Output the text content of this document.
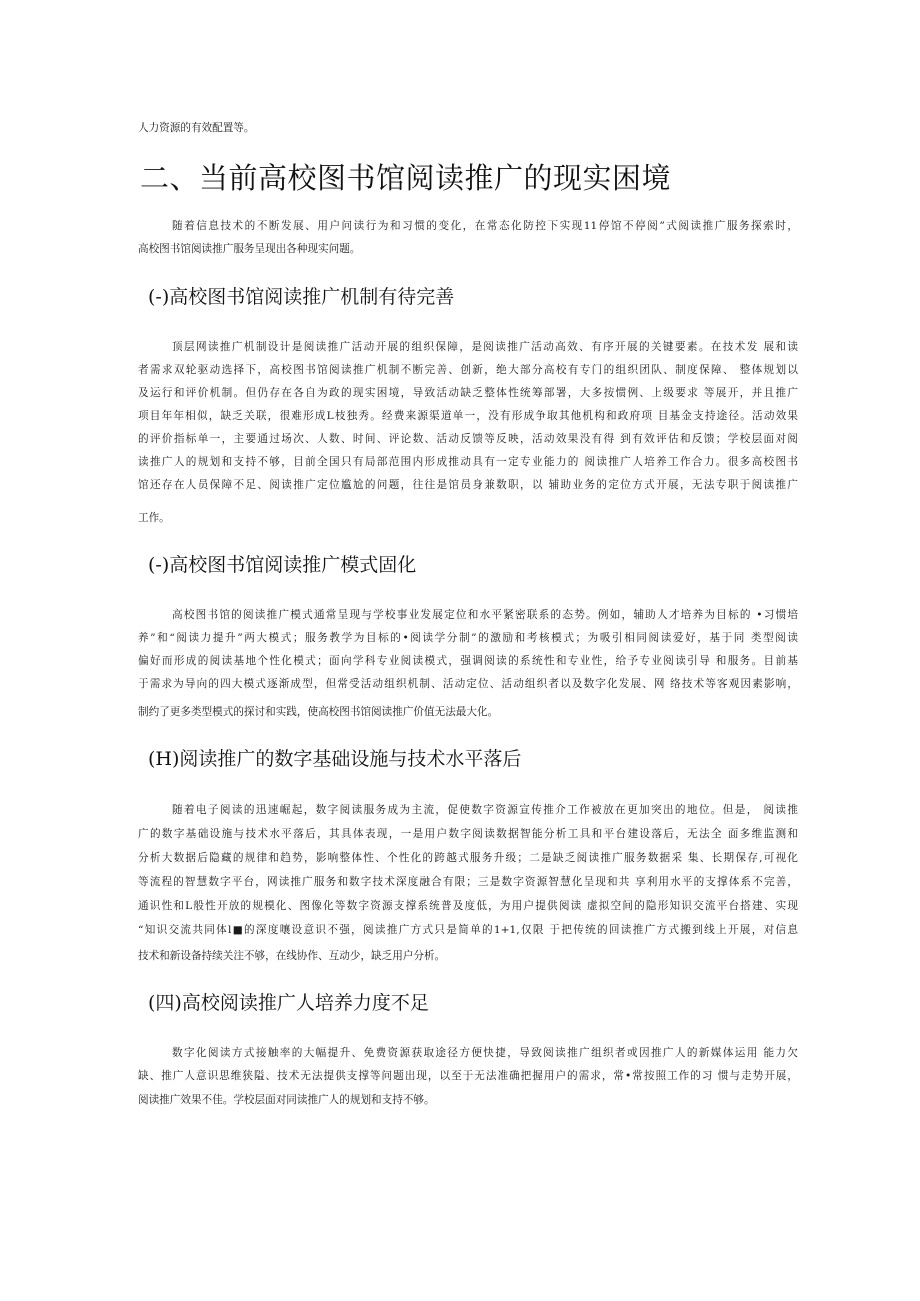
人力资源的有效配置等。
二、当前高校图书馆阅读推广的现实困境
随着信息技术的不断发展、用户问读行为和习惯的变化，在常态化防控下实现11停馆不停阅”式阅读推广服务探索时，
高校图书馆阅读推广服务呈现出各种现实问题。
(-)高校图书馆阅读推广机制有待完善
顶层网读推广机制设计是阅读推广活动开展的组织保障，是阅读推广活动高效、有序开展的关键要素。在技术发 展和读
者需求双轮驱动选择下，高校图书馆阅读推广机制不断完善、创新，绝大部分高校有专门的组织团队、制度保障、 整体规划以
及运行和评价机制。但仍存在各自为政的现实困境，导致活动缺乏整体性统筹部署，大多按惯例、上级要求 等展开，并且推广
项目年年相似，缺乏关联，很难形成L枝独秀。经费来源渠道单一，没有形成争取其他机构和政府项 目基金支持途径。活动效果
的评价指标单一，主要通过场次、人数、时间、评论数、活动反馈等反映，活动效果没有得 到有效评估和反馈；学校层面对阅
读推广人的规划和支持不够，目前全国只有局部范围内形成推动具有一定专业能力的 阅读推广人培养工作合力。很多高校图书
馆还存在人员保障不足、阅读推广定位尴尬的问题，往往是馆员身兼数职，以 辅助业务的定位方式开展，无法专职于阅读推广
工作。
(-)高校图书馆阅读推广模式固化
高校图书馆的阅读推广模式通常呈现与学校事业发展定位和水平紧密联系的态势。例如，辅助人才培养为目标的 •习惯培
养”和“阅读力提升”两大模式；服务教学为目标的•阅读学分制”的激励和考核模式；为吸引相同阅读爱好，基于同 类型阅读
偏好而形成的阅读基地个性化模式；面向学科专业阅读模式，强调阅读的系统性和专业性，给予专业阅读引导 和服务。目前基
于需求为导向的四大模式逐渐成型，但常受活动组织机制、活动定位、活动组织者以及数字化发展、网 络技术等客观因素影响，
制约了更多类型模式的探讨和实践，使高校图书馆阅读推广价值无法最大化。
(H)阅读推广的数字基础设施与技术水平落后
随着电子阅读的迅速崛起，数字阅读服务成为主流，促使数字资源宣传推介工作被放在更加突出的地位。但是， 阅读推
广的数字基础设施与技术水平落后，其具体表现，一是用户数字阅读数据智能分析工具和平台建设落后，无法全 面多维监测和
分析大数据后隐藏的规律和趋势，影响整体性、个性化的跨越式服务升级；二是缺乏阅读推广服务数据采 集、长期保存,可视化
等流程的智慧数字平台，网读推广服务和数字技术深度融合有限；三是数字资源智慧化呈现和共 享利用水平的支撑体系不完善，
通识性和L般性开放的规模化、图像化等数字资源支撑系统普及度低，为用户提供阅读 虚拟空间的隐形知识交流平台搭建、实现
“知识交流共同体l■的深度嚷设意识不强，阅读推广方式只是简单的1+1,仅限 于把传统的回读推广方式搬到线上开展，对信息
技术和新设备持续关注不够，在线协作、互动少，缺乏用户分析。
(四)高校阅读推广人培养力度不足
数字化阅读方式接触率的大幅提升、免费资源获取途径方便快捷，导致阅读推广组织者或因推广人的新媒体运用 能力欠
缺、推广人意识思维狭隘、技术无法提供支撑等问题出现，以至于无法准确把握用户的需求，常•常按照工作的习 惯与走势开展，
阅读推广效果不佳。学校层面对同读推广人的规划和支持不够。
